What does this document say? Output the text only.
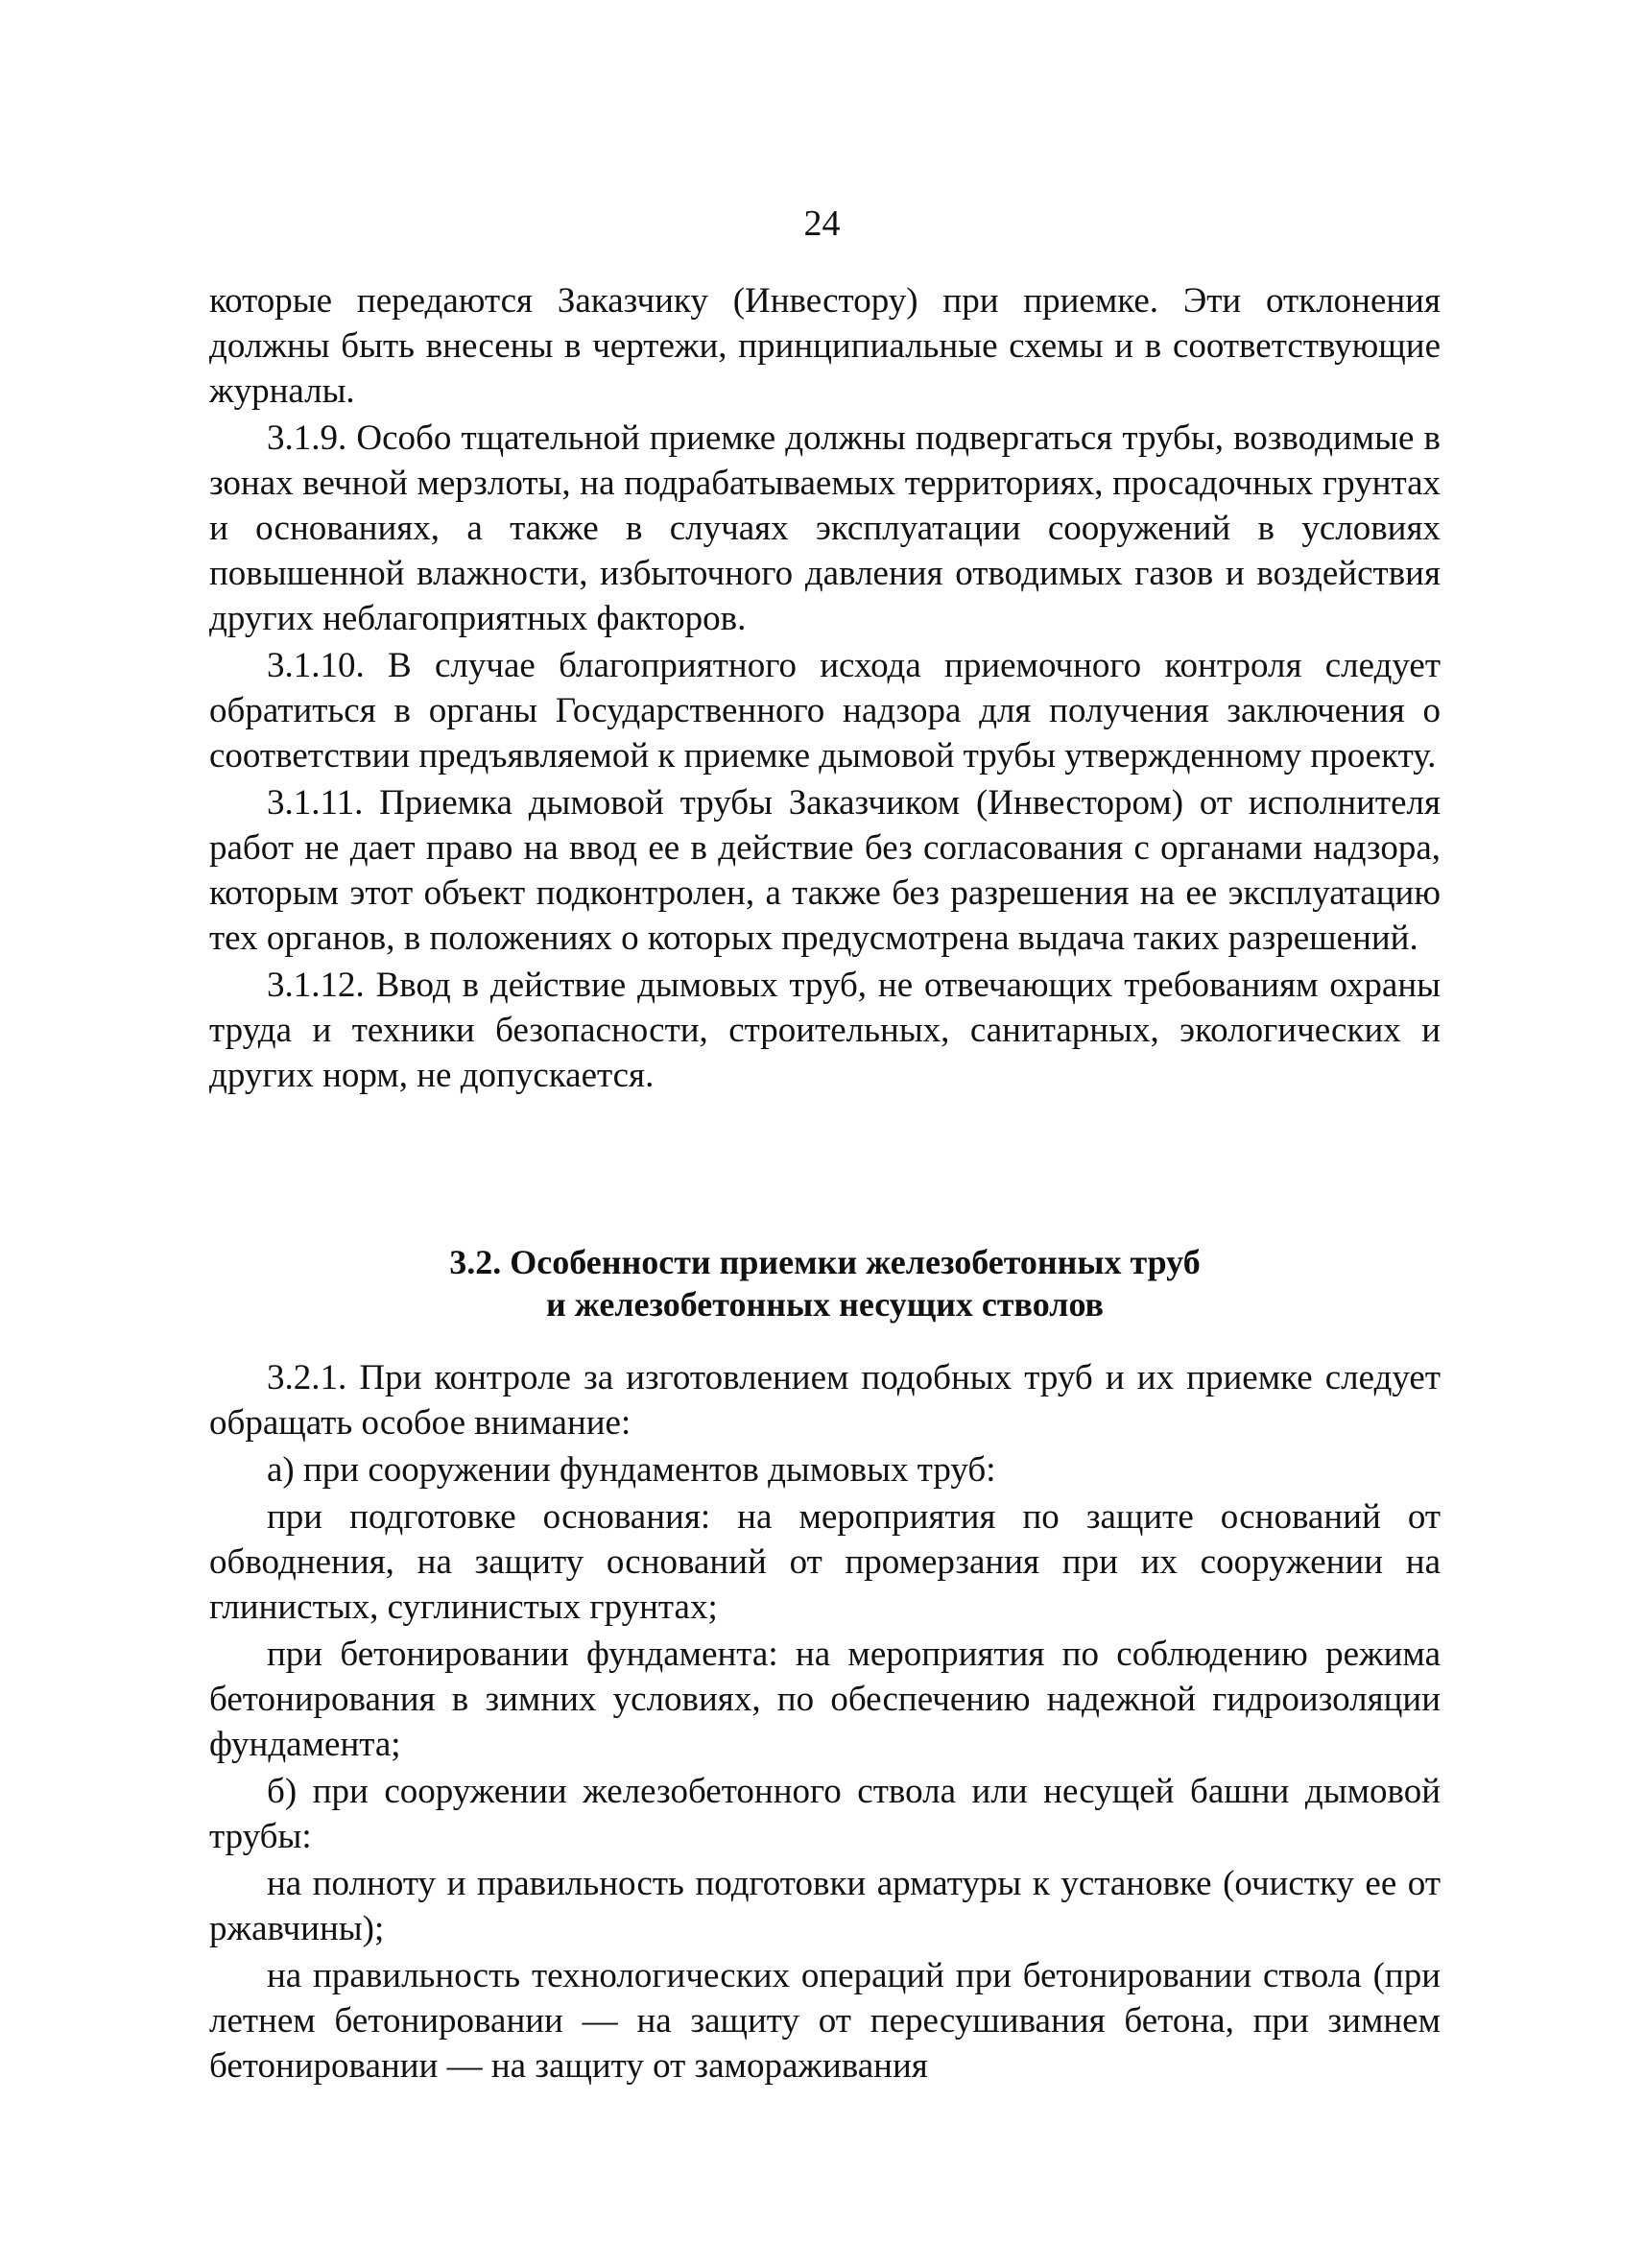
24

которые передаются Заказчику (Инвестору) при приемке. Эти отклонения должны быть внесены в чертежи, принципиальные схемы и в соответствующие журналы.

3.1.9. Особо тщательной приемке должны подвергаться трубы, возводимые в зонах вечной мерзлоты, на подрабатываемых территориях, просадочных грунтах и основаниях, а также в случаях эксплуатации сооружений в условиях повышенной влажности, избыточного давления отводимых газов и воздействия других неблагоприятных факторов.

3.1.10. В случае благоприятного исхода приемочного контроля следует обратиться в органы Государственного надзора для получения заключения о соответствии предъявляемой к приемке дымовой трубы утвержденному проекту.

3.1.11. Приемка дымовой трубы Заказчиком (Инвестором) от исполнителя работ не дает право на ввод ее в действие без согласования с органами надзора, которым этот объект подконтролен, а также без разрешения на ее эксплуатацию тех органов, в положениях о которых предусмотрена выдача таких разрешений.

3.1.12. Ввод в действие дымовых труб, не отвечающих требованиям охраны труда и техники безопасности, строительных, санитарных, экологических и других норм, не допускается.

3.2. Особенности приемки железобетонных труб
и железобетонных несущих стволов

3.2.1. При контроле за изготовлением подобных труб и их приемке следует обращать особое внимание:

а) при сооружении фундаментов дымовых труб:

при подготовке основания: на мероприятия по защите оснований от обводнения, на защиту оснований от промерзания при их сооружении на глинистых, суглинистых грунтах;

при бетонировании фундамента: на мероприятия по соблюдению режима бетонирования в зимних условиях, по обеспечению надежной гидроизоляции фундамента;

б) при сооружении железобетонного ствола или несущей башни дымовой трубы:

на полноту и правильность подготовки арматуры к установке (очистку ее от ржавчины);

на правильность технологических операций при бетонировании ствола (при летнем бетонировании — на защиту от пересушивания бетона, при зимнем бетонировании — на защиту от замораживания
